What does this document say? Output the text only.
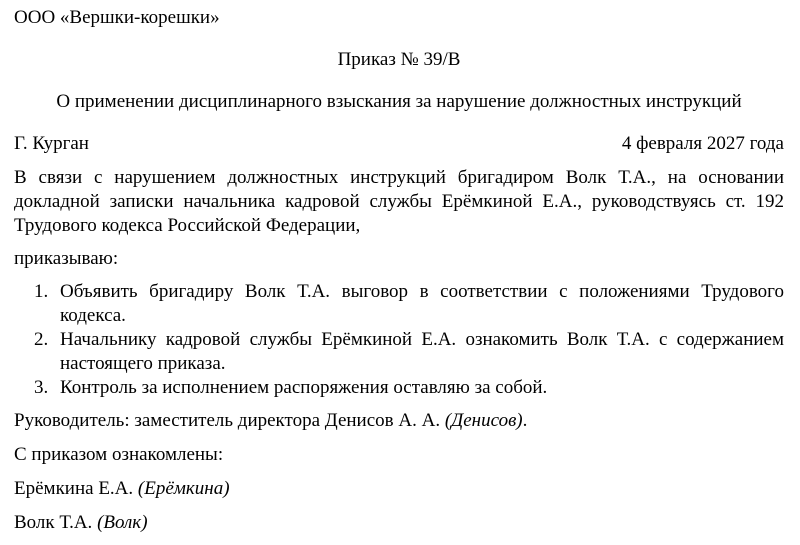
ООО «Вершки-корешки»

Приказ № 39/В

О применении дисциплинарного взыскания за нарушение должностных инструкций

Г. Курган	4 февраля 2027 года

В связи с нарушением должностных инструкций бригадиром Волк Т.А., на основании докладной записки начальника кадровой службы Ерёмкиной Е.А., руководствуясь ст. 192 Трудового кодекса Российской Федерации,

приказываю:

1. Объявить бригадиру Волк Т.А. выговор в соответствии с положениями Трудового кодекса.
2. Начальнику кадровой службы Ерёмкиной Е.А. ознакомить Волк Т.А. с содержанием настоящего приказа.
3. Контроль за исполнением распоряжения оставляю за собой.

Руководитель: заместитель директора Денисов А. А. (Денисов).

С приказом ознакомлены:

Ерёмкина Е.А. (Ерёмкина)

Волк Т.А. (Волк)
